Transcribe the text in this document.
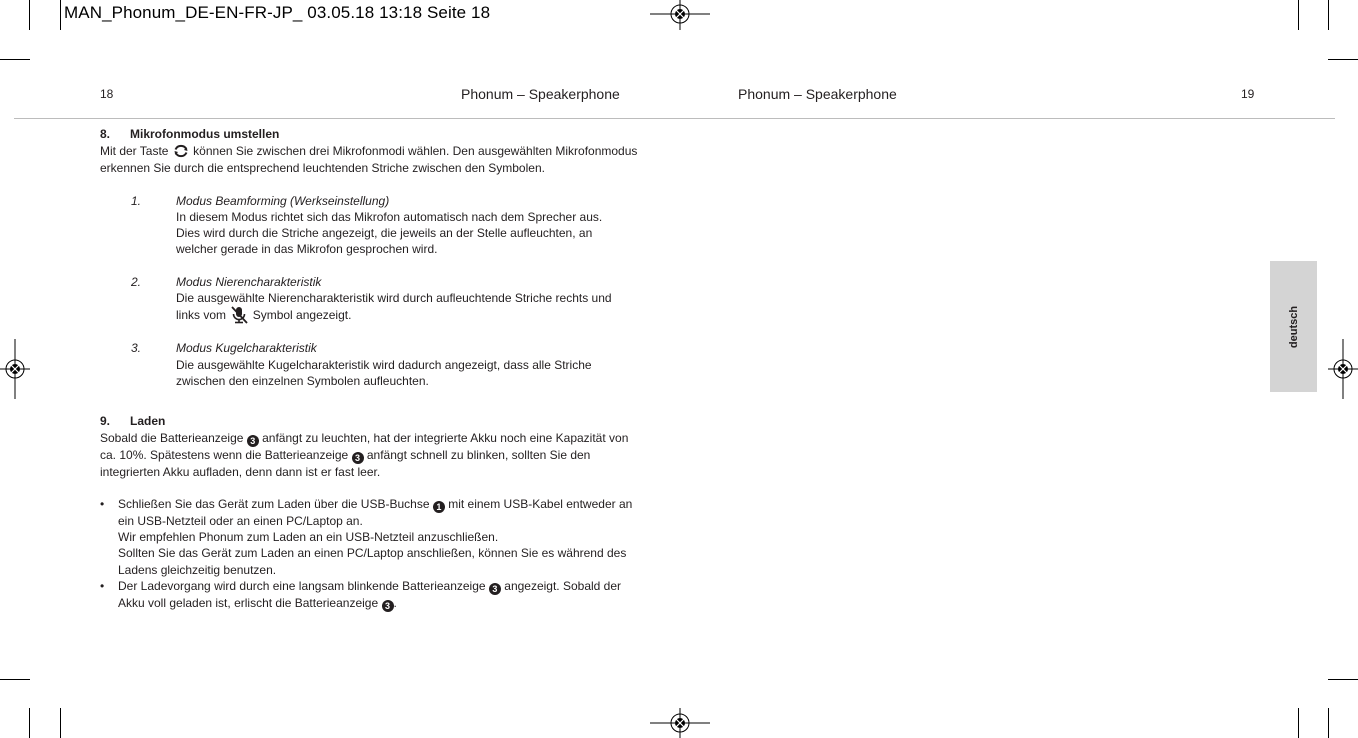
MAN_Phonum_DE-EN-FR-JP_ 03.05.18 13:18 Seite 18
18	Phonum – Speakerphone	Phonum – Speakerphone	19
8.	Mikrofonmodus umstellen

Mit der Taste können Sie zwischen drei Mikrofonmodi wählen. Den ausgewählten Mikrofonmodus erkennen Sie durch die entsprechend leuchtenden Striche zwischen den Symbolen.

1.	Modus Beamforming (Werkseinstellung)
In diesem Modus richtet sich das Mikrofon automatisch nach dem Sprecher aus.
Dies wird durch die Striche angezeigt, die jeweils an der Stelle aufleuchten, an welcher gerade in das Mikrofon gesprochen wird.
2.	Modus Nierencharakteristik
Die ausgewählte Nierencharakteristik wird durch aufleuchtende Striche rechts und links vom Symbol angezeigt.
3.	Modus Kugelcharakteristik
Die ausgewählte Kugelcharakteristik wird dadurch angezeigt, dass alle Striche zwischen den einzelnen Symbolen aufleuchten.
9.	Laden

Sobald die Batterieanzeige 3 anfängt zu leuchten, hat der integrierte Akku noch eine Kapazität von ca. 10%. Spätestens wenn die Batterieanzeige 3 anfängt schnell zu blinken, sollten Sie den integrierten Akku aufladen, denn dann ist er fast leer.

•	Schließen Sie das Gerät zum Laden über die USB-Buchse 1 mit einem USB-Kabel entweder an ein USB-Netzteil oder an einen PC/Laptop an.
Wir empfehlen Phonum zum Laden an ein USB-Netzteil anzuschließen.
Sollten Sie das Gerät zum Laden an einen PC/Laptop anschließen, können Sie es während des Ladens gleichzeitig benutzen.
•	Der Ladevorgang wird durch eine langsam blinkende Batterieanzeige 3 angezeigt. Sobald der Akku voll geladen ist, erlischt die Batterieanzeige 3 .
deutsch
